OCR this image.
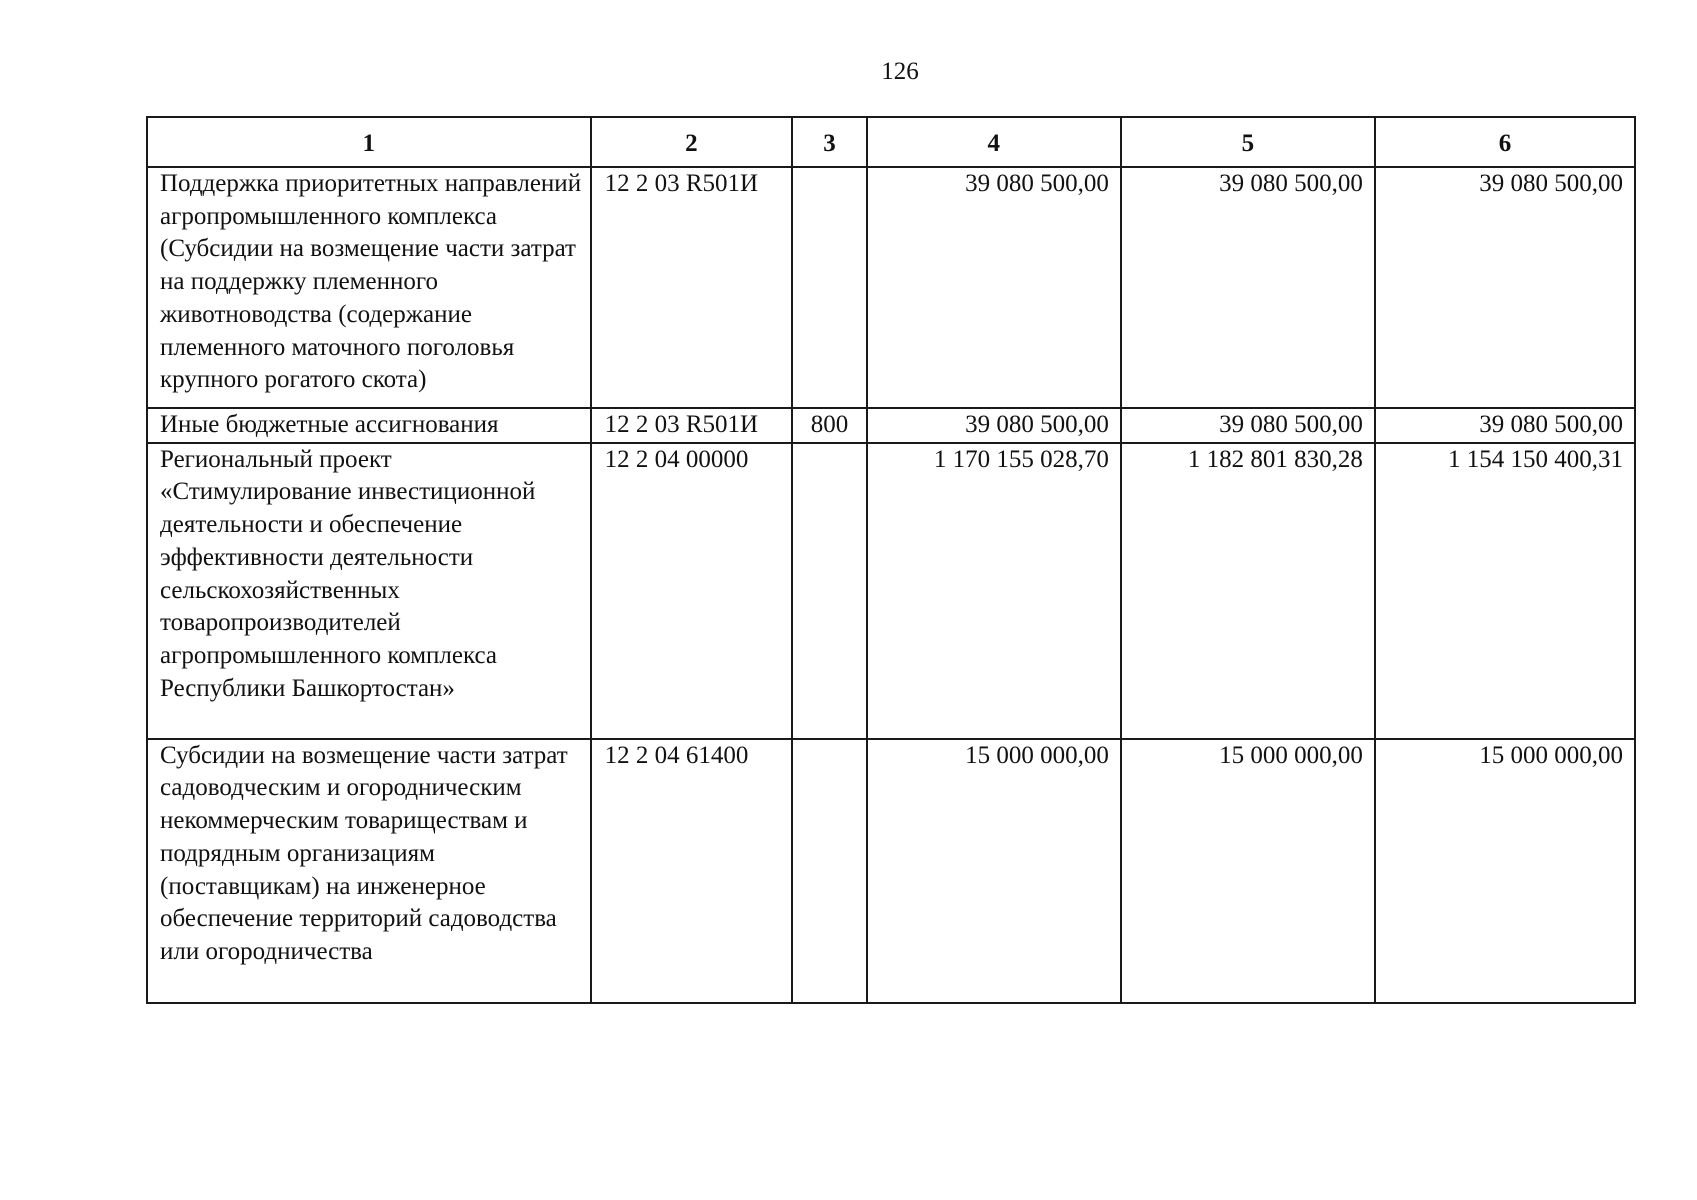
126
1	2	3	4	5	6
Поддержка приоритетных направлений агропромышленного комплекса (Субсидии на возмещение части затрат на поддержку племенного животноводства (содержание племенного маточного поголовья крупного рогатого скота)	12 2 03 R501И		39 080 500,00	39 080 500,00	39 080 500,00
Иные бюджетные ассигнования	12 2 03 R501И	800	39 080 500,00	39 080 500,00	39 080 500,00
Региональный проект «Стимулирование инвестиционной деятельности и обеспечение эффективности деятельности сельскохозяйственных товаропроизводителей агропромышленного комплекса Республики Башкортостан»	12 2 04 00000		1 170 155 028,70	1 182 801 830,28	1 154 150 400,31
Субсидии на возмещение части затрат садоводческим и огородническим некоммерческим товариществам и подрядным организациям (поставщикам) на инженерное обеспечение территорий садоводства или огородничества	12 2 04 61400		15 000 000,00	15 000 000,00	15 000 000,00
